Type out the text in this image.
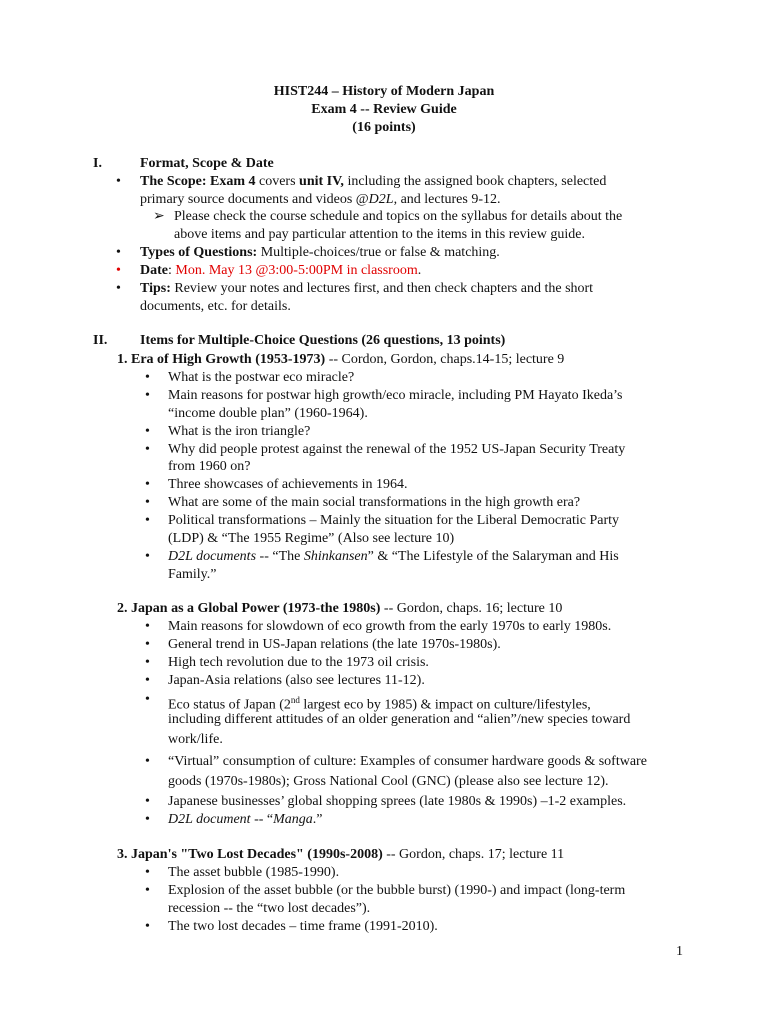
HIST244 – History of Modern Japan
Exam 4 -- Review Guide
(16 points)
I.	Format, Scope & Date
• The Scope: Exam 4 covers unit IV, including the assigned book chapters, selected
primary source documents and videos @D2L, and lectures 9-12.
➢ Please check the course schedule and topics on the syllabus for details about the
above items and pay particular attention to the items in this review guide.
• Types of Questions: Multiple-choices/true or false & matching.
• Date: Mon. May 13 @3:00-5:00PM in classroom.
• Tips: Review your notes and lectures first, and then check chapters and the short
documents, etc. for details.
II. Items for Multiple-Choice Questions (26 questions, 13 points)
1. Era of High Growth (1953-1973) -- Cordon, Gordon, chaps.14-15; lecture 9
• What is the postwar eco miracle?
• Main reasons for postwar high growth/eco miracle, including PM Hayato Ikeda’s
“income double plan” (1960-1964).
• What is the iron triangle?
• Why did people protest against the renewal of the 1952 US-Japan Security Treaty
from 1960 on?
• Three showcases of achievements in 1964.
• What are some of the main social transformations in the high growth era?
• Political transformations – Mainly the situation for the Liberal Democratic Party
(LDP) & “The 1955 Regime” (Also see lecture 10)
• D2L documents -- “The Shinkansen” & “The Lifestyle of the Salaryman and His
Family.”
2. Japan as a Global Power (1973-the 1980s) -- Gordon, chaps. 16; lecture 10
• Main reasons for slowdown of eco growth from the early 1970s to early 1980s.
• General trend in US-Japan relations (the late 1970s-1980s).
• High tech revolution due to the 1973 oil crisis.
• Japan-Asia relations (also see lectures 11-12).
• Eco status of Japan (2nd largest eco by 1985) & impact on culture/lifestyles,
including different attitudes of an older generation and “alien”/new species toward
work/life.
• “Virtual” consumption of culture: Examples of consumer hardware goods & software
goods (1970s-1980s); Gross National Cool (GNC) (please also see lecture 12).
• Japanese businesses’ global shopping sprees (late 1980s & 1990s) –1-2 examples.
• D2L document -- “Manga.”
3. Japan's "Two Lost Decades" (1990s-2008) -- Gordon, chaps. 17; lecture 11
• The asset bubble (1985-1990).
• Explosion of the asset bubble (or the bubble burst) (1990-) and impact (long-term
recession -- the “two lost decades”).
• The two lost decades – time frame (1991-2010).
1
